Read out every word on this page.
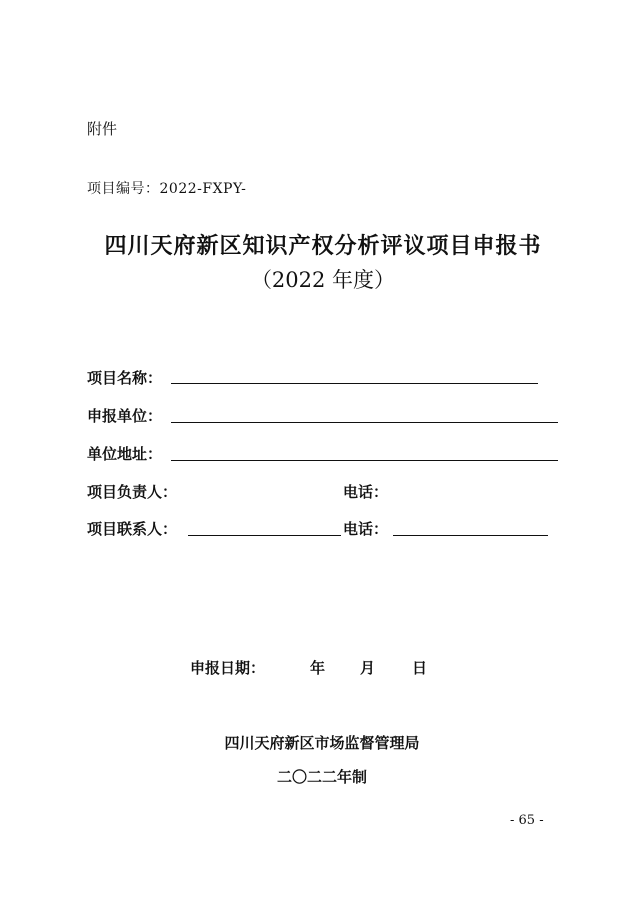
附件
项目编号：2022-FXPY-
四川天府新区知识产权分析评议项目申报书
（2022 年度）
项目名称：
申报单位：
单位地址：
项目负责人：	电话：
项目联系人：	电话：
申报日期：	年 月 日
四川天府新区市场监督管理局
二〇二二年制
- 65 -
